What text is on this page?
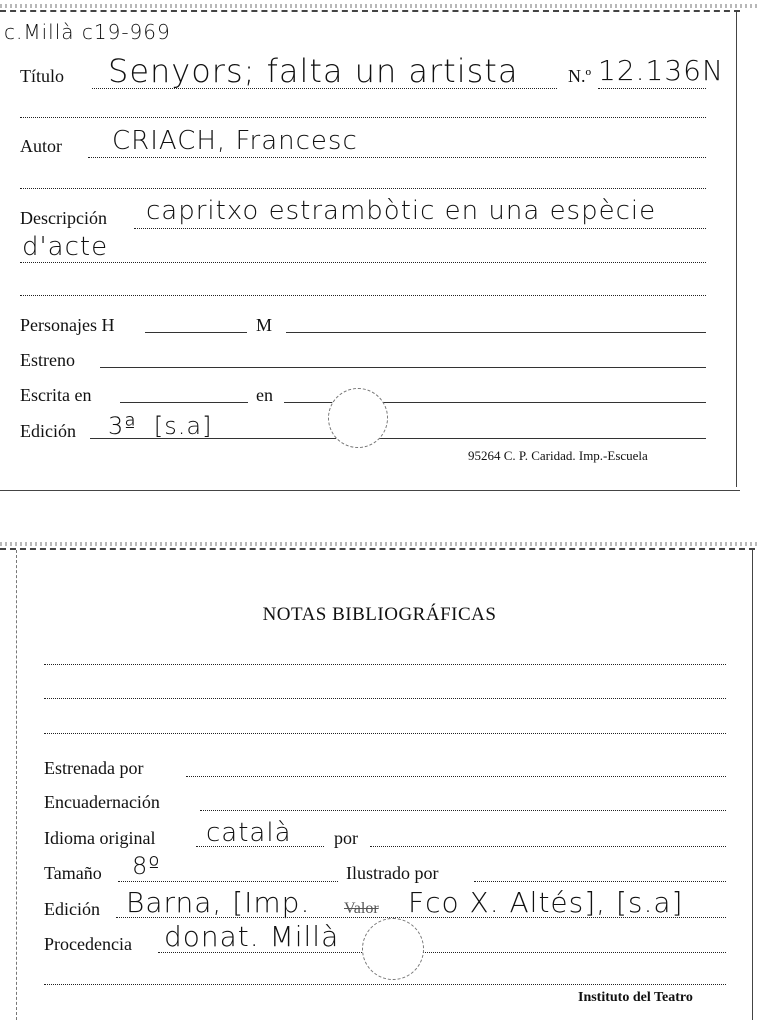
c.Millà c19-969
Título Senyors; falta un artista	N.º 12.136N
Autor CRIACH, Francesc
Descripción capritxo estrambòtic en una espècie
d'acte
Personajes H	M
Estreno
Escrita en	en
Edición 3ª  [s.a]
95264 C. P. Caridad. Imp.-Escuela
NOTAS BIBLIOGRÁFICAS
Estrenada por
Encuadernación
Idioma original català por
Tamaño 8º	Ilustrado por
Edición Barna, [Imp. Valor Fco X. Altés], [s.a]
Procedencia donat. Millà
Instituto del Teatro
